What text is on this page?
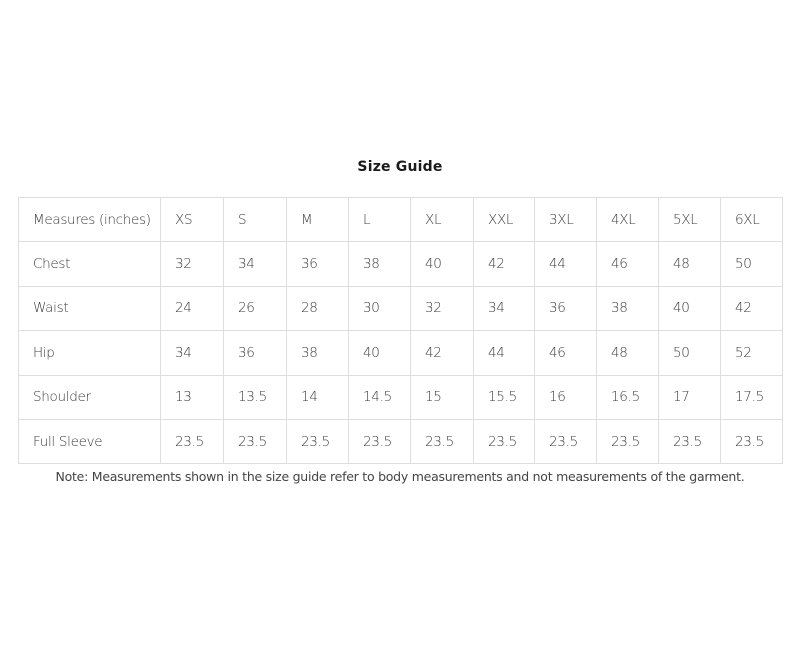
Size Guide
Measures (inches)	XS	S	M	L	XL	XXL	3XL	4XL	5XL	6XL
Chest	32	34	36	38	40	42	44	46	48	50
Waist	24	26	28	30	32	34	36	38	40	42
Hip	34	36	38	40	42	44	46	48	50	52
Shoulder	13	13.5	14	14.5	15	15.5	16	16.5	17	17.5
Full Sleeve	23.5	23.5	23.5	23.5	23.5	23.5	23.5	23.5	23.5	23.5
Note: Measurements shown in the size guide refer to body measurements and not measurements of the garment.
